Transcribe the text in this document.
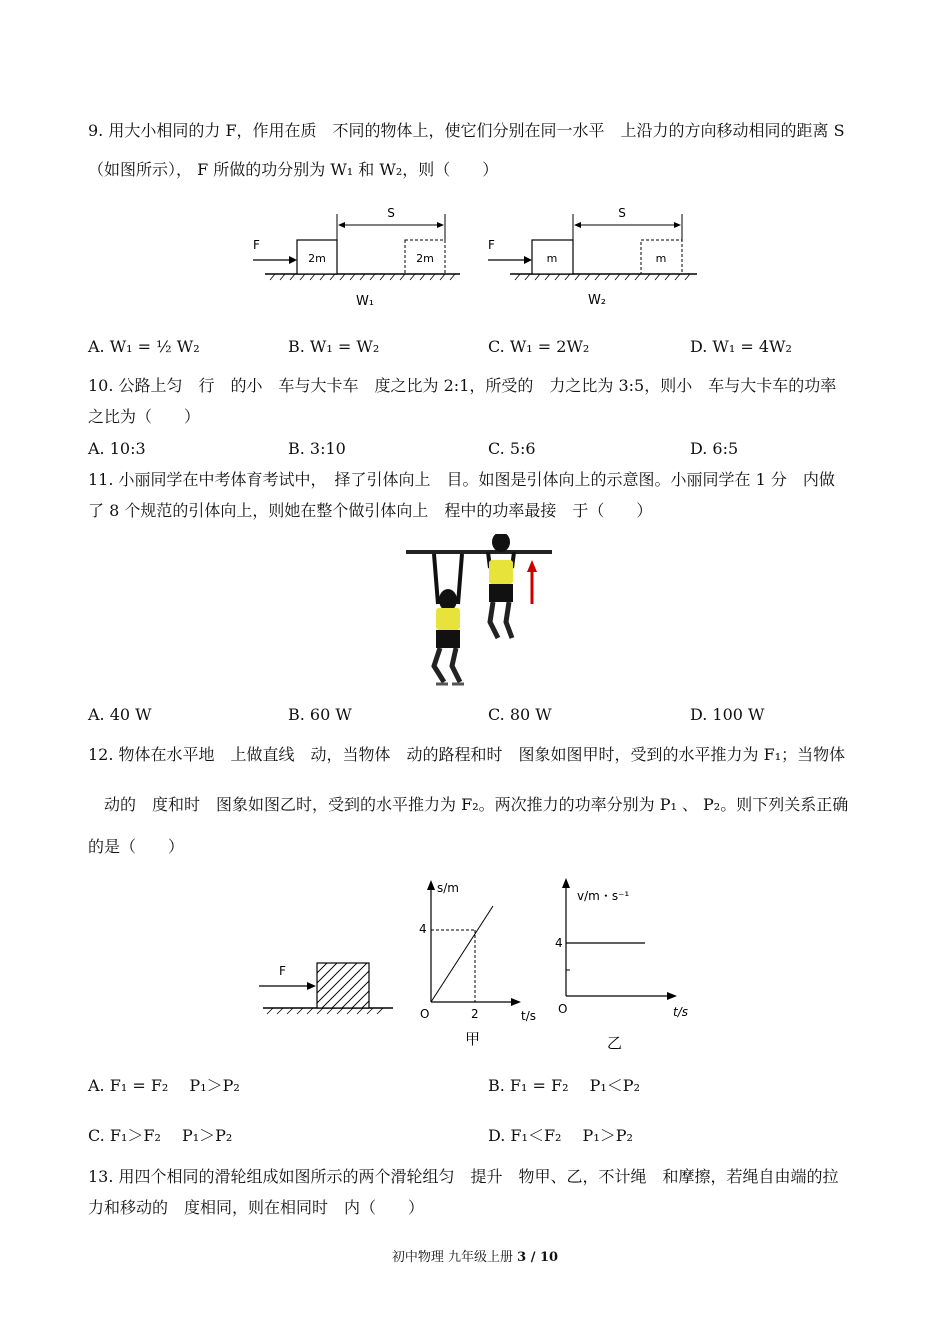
9. 用大小相同的力 F，作用在质　不同的物体上，使它们分别在同一水平　上沿力的方向移动相同的距离 S
（如图所示）， F 所做的功分别为 W₁ 和 W₂，则（　　）
F
2m	2m
S
W₁
F
m	m
S
W₂
A. W₁ = ½ W₂	B. W₁ = W₂	C. W₁ = 2W₂	D. W₁ = 4W₂
10. 公路上匀　行　的小　车与大卡车　度之比为 2:1，所受的　力之比为 3:5，则小　车与大卡车的功率
之比为（　　）
A. 10:3	B. 3:10	C. 5:6	D. 6:5
11. 小丽同学在中考体育考试中，　择了引体向上　目。如图是引体向上的示意图。小丽同学在 1 分　内做
了 8 个规范的引体向上，则她在整个做引体向上　程中的功率最接　于（　　）
A. 40 W	B. 60 W	C. 80 W	D. 100 W
12. 物体在水平地　上做直线　动，当物体　动的路程和时　图象如图甲时，受到的水平推力为 F₁；当物体
　动的　度和时　图象如图乙时，受到的水平推力为 F₂。两次推力的功率分别为 P₁ 、 P₂。则下列关系正确
的是（　　）
F
s/m
4
2
O	t/s
甲
v/m・s⁻¹
4
O	t/s
乙
A. F₁ = F₂　 P₁＞P₂	B. F₁ = F₂　 P₁＜P₂
C. F₁＞F₂　 P₁＞P₂	D. F₁＜F₂　 P₁＞P₂
13. 用四个相同的滑轮组成如图所示的两个滑轮组匀　提升　物甲、乙，不计绳　和摩擦，若绳自由端的拉
力和移动的　度相同，则在相同时　内（　　）
初中物理 九年级上册 3 / 10
